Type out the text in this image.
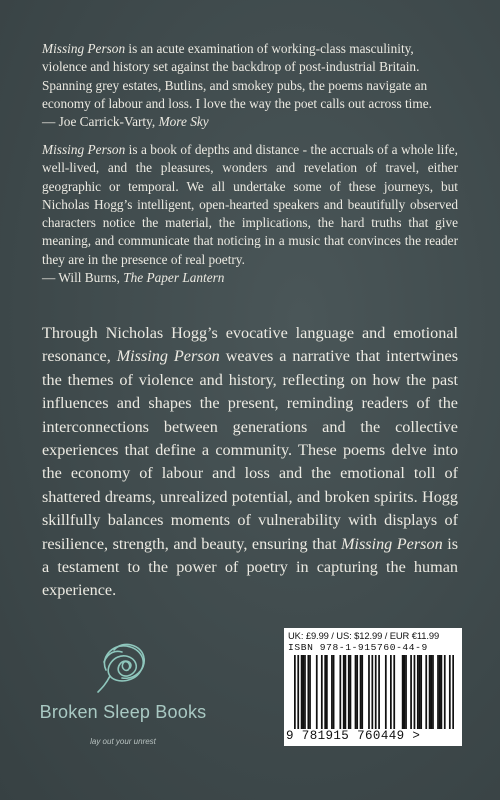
Missing Person is an acute examination of working-class masculinity, violence and history set against the backdrop of post-industrial Britain. Spanning grey estates, Butlins, and smokey pubs, the poems navigate an economy of labour and loss. I love the way the poet calls out across time.

— Joe Carrick-Varty, More Sky

Missing Person is a book of depths and distance - the accruals of a whole life, well-lived, and the pleasures, wonders and revelation of travel, either geographic or temporal. We all undertake some of these journeys, but Nicholas Hogg’s intelligent, open-hearted speakers and beautifully observed characters notice the material, the implications, the hard truths that give meaning, and communicate that noticing in a music that convinces the reader they are in the presence of real poetry.

— Will Burns, The Paper Lantern

Through Nicholas Hogg’s evocative language and emotional resonance, Missing Person weaves a narrative that intertwines the themes of violence and history, reflecting on how the past influences and shapes the present, reminding readers of the interconnections between generations and the collective experiences that define a community. These poems delve into the economy of labour and loss and the emotional toll of shattered dreams, unrealized potential, and broken spirits. Hogg skillfully balances moments of vulnerability with displays of resilience, strength, and beauty, ensuring that Missing Person is a testament to the power of poetry in capturing the human experience.

Broken Sleep Books
lay out your unrest
UK: £9.99 / US: $12.99 / EUR €11.99
ISBN 978-1-915760-44-9
9 781915 760449 >
